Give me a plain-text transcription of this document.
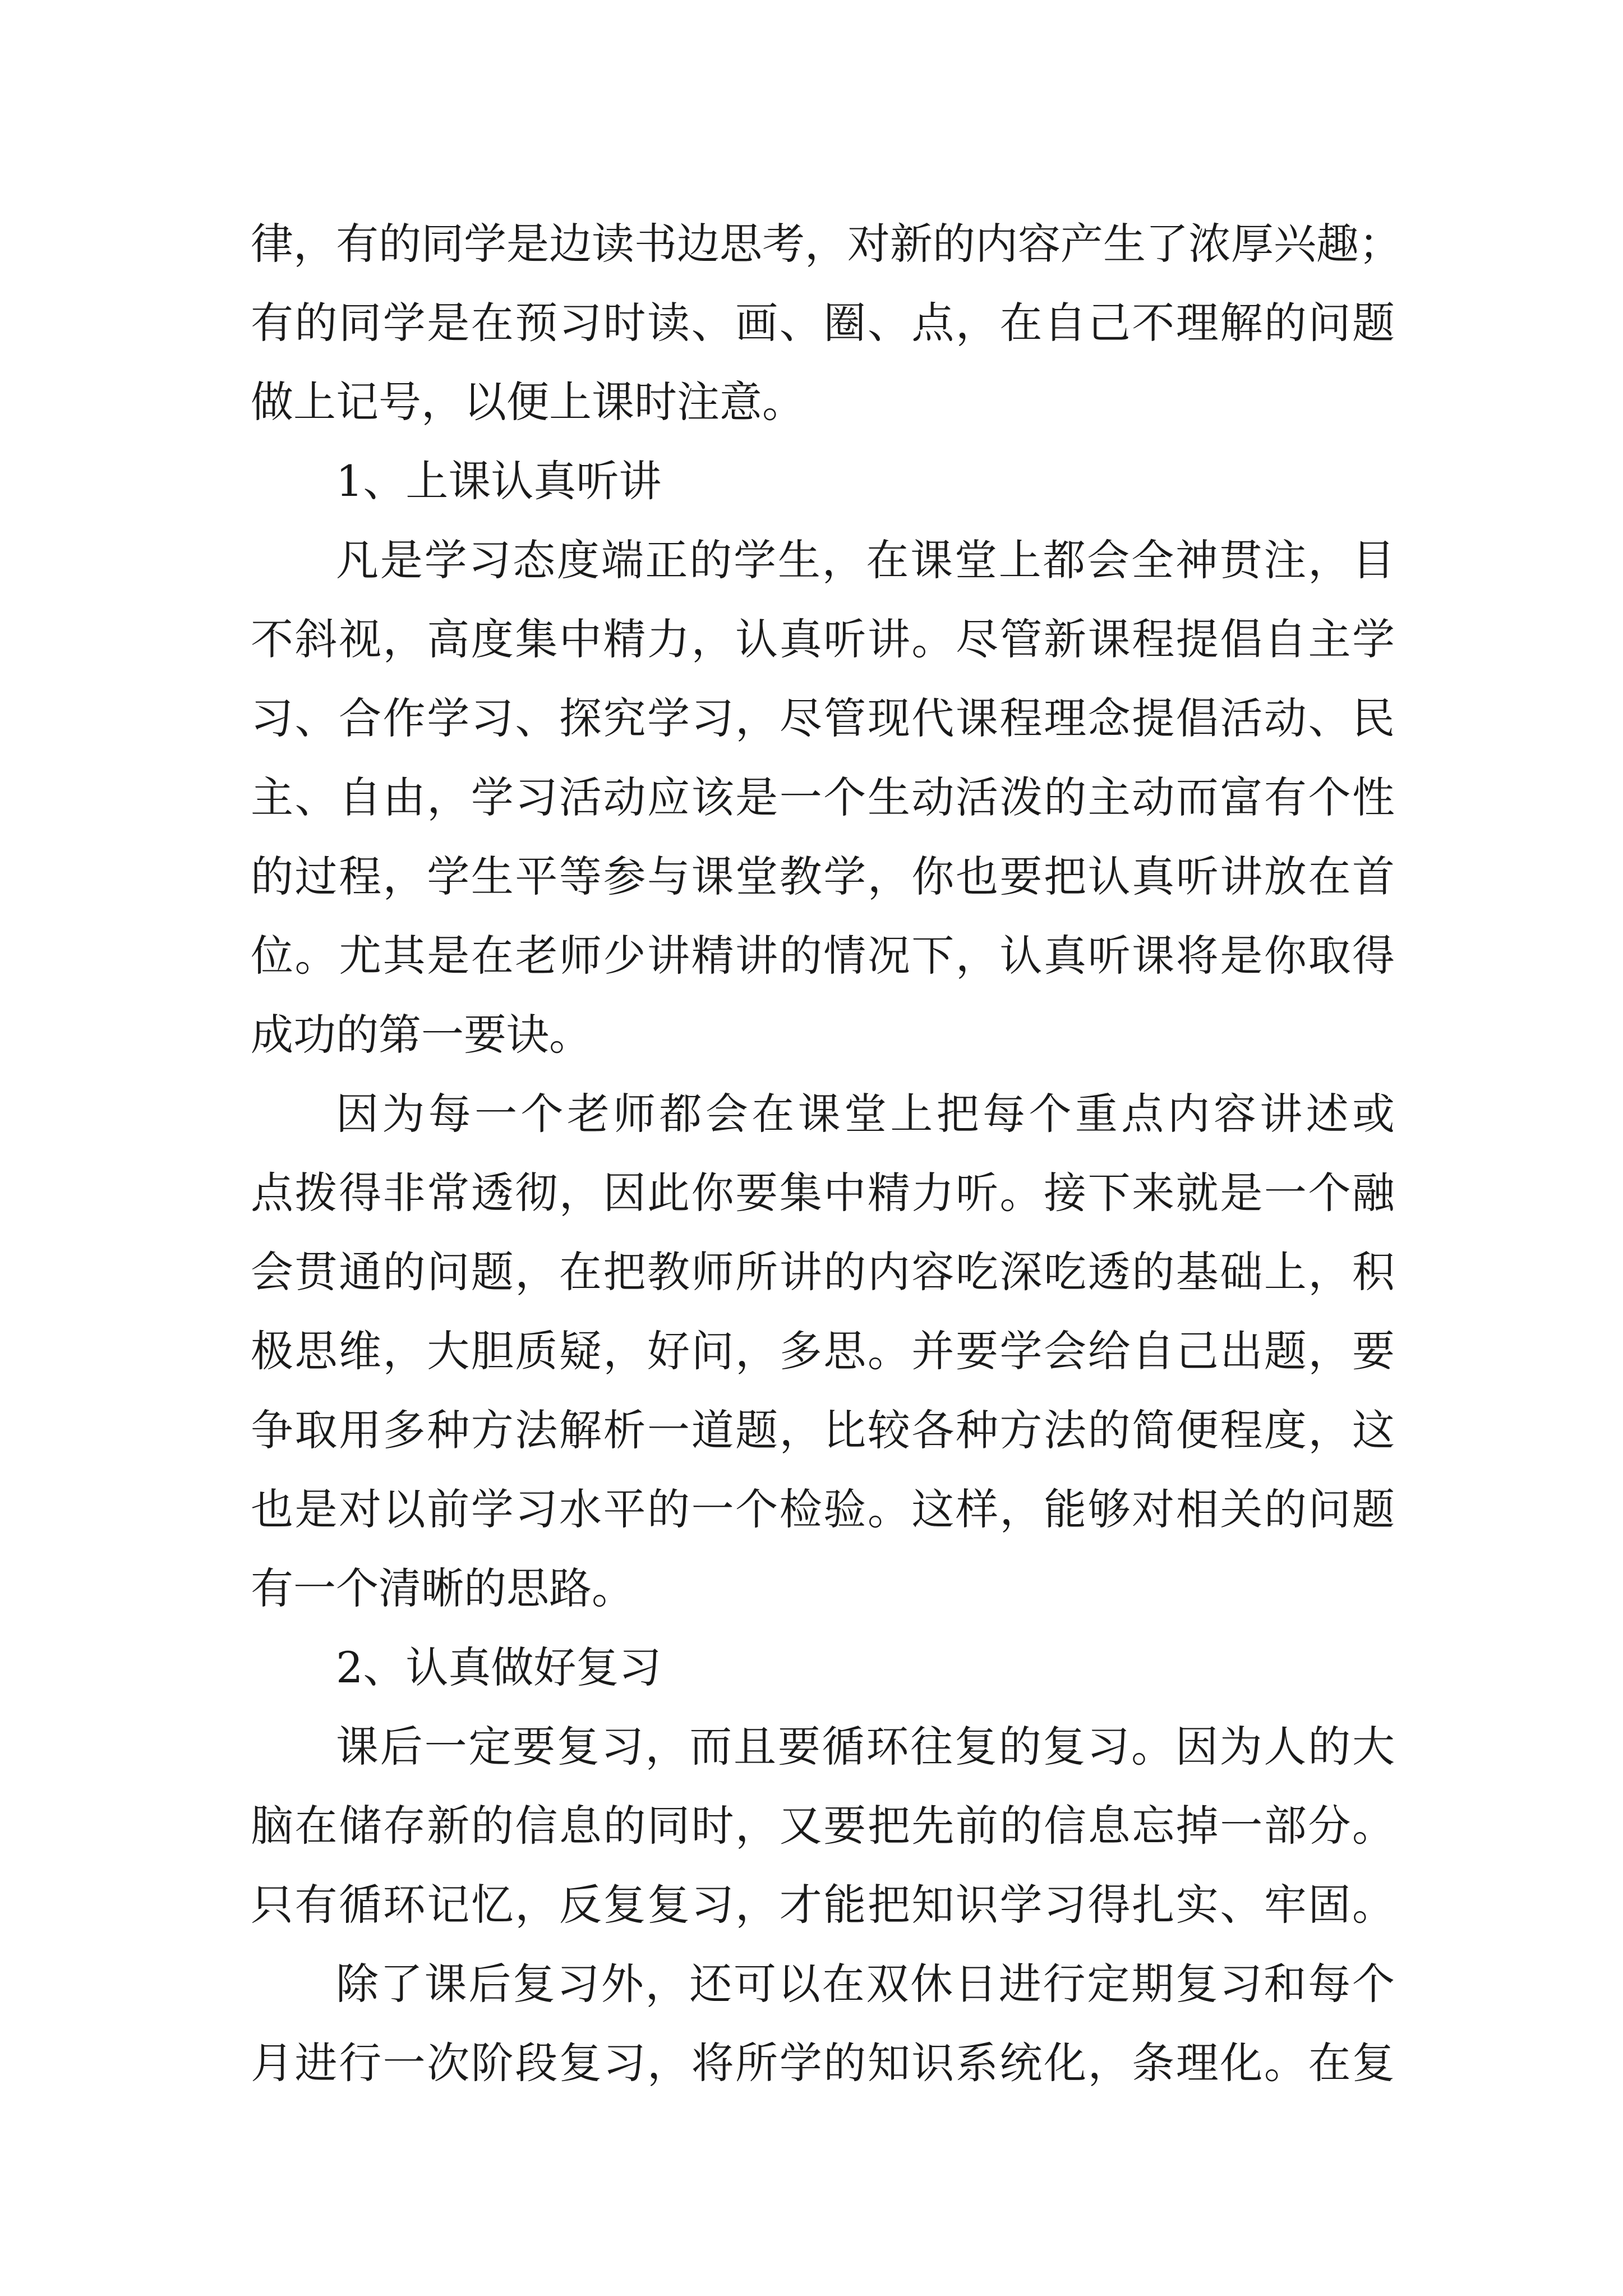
律，有的同学是边读书边思考，对新的内容产生了浓厚兴趣；
有的同学是在预习时读、画、圈、点，在自己不理解的问题
做上记号，以便上课时注意。
1、上课认真听讲
凡是学习态度端正的学生，在课堂上都会全神贯注，目
不斜视，高度集中精力，认真听讲。尽管新课程提倡自主学
习、合作学习、探究学习，尽管现代课程理念提倡活动、民
主、自由，学习活动应该是一个生动活泼的主动而富有个性
的过程，学生平等参与课堂教学，你也要把认真听讲放在首
位。尤其是在老师少讲精讲的情况下，认真听课将是你取得
成功的第一要诀。
因为每一个老师都会在课堂上把每个重点内容讲述或
点拨得非常透彻，因此你要集中精力听。接下来就是一个融
会贯通的问题，在把教师所讲的内容吃深吃透的基础上，积
极思维，大胆质疑，好问，多思。并要学会给自己出题，要
争取用多种方法解析一道题，比较各种方法的简便程度，这
也是对以前学习水平的一个检验。这样，能够对相关的问题
有一个清晰的思路。
2、认真做好复习
课后一定要复习，而且要循环往复的复习。因为人的大
脑在储存新的信息的同时，又要把先前的信息忘掉一部分。
只有循环记忆，反复复习，才能把知识学习得扎实、牢固。
除了课后复习外，还可以在双休日进行定期复习和每个
月进行一次阶段复习，将所学的知识系统化，条理化。在复
